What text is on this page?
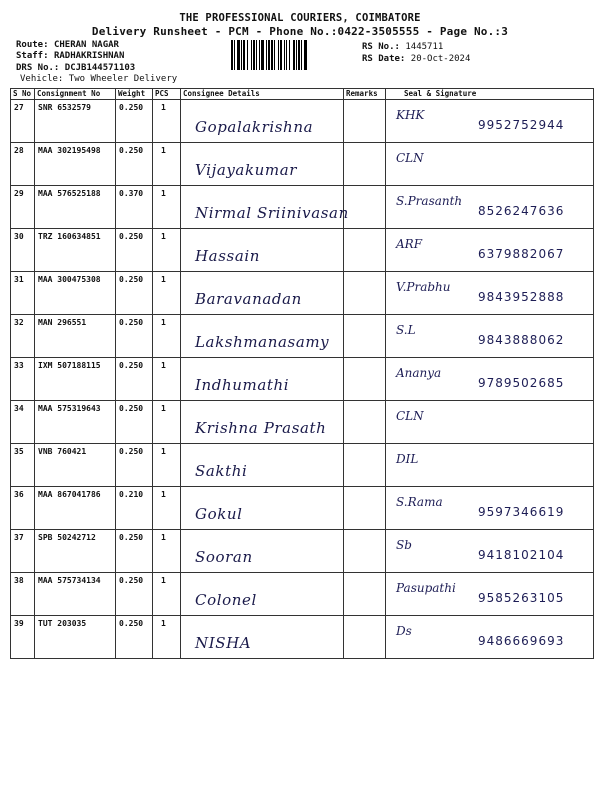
THE PROFESSIONAL COURIERS, COIMBATORE
Delivery Runsheet - PCM - Phone No.:0422-3505555 - Page No.:3
Route: CHERAN NAGAR
Staff: RADHAKRISHNAN
DRS No.: DCJB144571103
Vehicle: Two Wheeler Delivery
RS No.: 1445711
RS Date: 20-Oct-2024
S No	Consignment No	Weight	PCS	Consignee Details	Remarks	Seal & Signature
27	SNR 6532579	0.250	1	Gopalakrishna		KHK
9952752944

28	MAA 302195498	0.250	1	Vijayakumar		CLN

29	MAA 576525188	0.370	1	Nirmal Sriinivasan		S.Prasanth
8526247636

30	TRZ 160634851	0.250	1	Hassain		ARF
6379882067

31	MAA 300475308	0.250	1	Baravanadan		V.Prabhu
9843952888

32	MAN 296551	0.250	1	Lakshmanasamy		S.L
9843888062

33	IXM 507188115	0.250	1	Indhumathi		Ananya
9789502685

34	MAA 575319643	0.250	1	Krishna Prasath		CLN

35	VNB 760421	0.250	1	Sakthi		DIL

36	MAA 867041786	0.210	1	Gokul		S.Rama
9597346619

37	SPB 50242712	0.250	1	Sooran		Sb
9418102104

38	MAA 575734134	0.250	1	Colonel		Pasupathi
9585263105

39	TUT 203035	0.250	1	NISHA		Ds
9486669693
